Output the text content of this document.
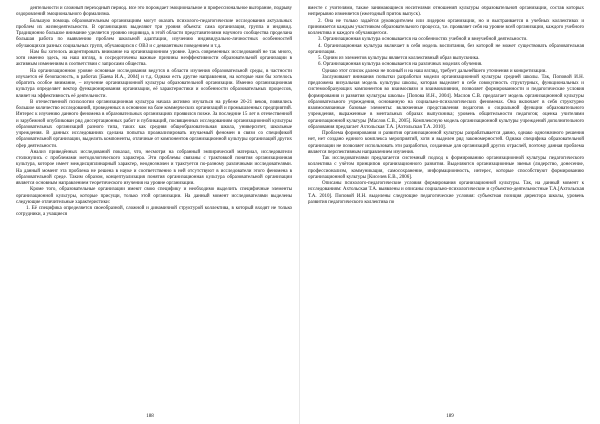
деятельности и сложный переходный период. Всё это порождает эмоциональное и профессиональное выгорание, подрыву оздоровлений эмоционального формализма.

Большую помощь образовательным организациям могут оказать психолого-педагогические исследования актуальных проблем их жизнедеятельности. В организациях выделяют три уровня объекта: сама организация, группа и индивид. Традиционно большое внимание уделяется уровню индивида, в этой области представителями научного сообщества проделана большая работа по выявлению проблем школьной адаптации, изучению индивидуально-личностных особенностей обучающихся разных социальных групп, обучающихся с ОВЗ и с девиантным поведением и т.д.

Нам бы хотелось акцентировать внимание на организационном уровне. Здесь современных исследований не так много, хотя именно здесь, на наш взгляд, в сосредоточены важные причины неэффективности образовательной организации в активным изменениям в соответствии с запросами общества.

На организационном уровне основные исследования ведутся в области изучения образовательной среды, в частности изучается её безопасность, в работах [Баева И.А., 2004] и т.д. Однако есть другие направления, на которые нам бы хотелось обратить особое внимание, – изучение организационной культуры образовательной организации. Именно организационная культура определяет вектор функционирования организации, её характеристики и особенности образовательных процессов, влияет на эффективность её деятельности.

В отечественной психологии организационная культура начала активно изучаться на рубеже 20-21 веков, появились большое количество исследований, проведенных в основном на базе коммерческих организаций и промышленных предприятий. Интерес к изучению данного феномена в образовательных организациях проявился позже. За последние 15 лет в отечественной и зарубежной опубликован ряд диссертационных работ и публикаций, посвященных исследованиям организационной культуры образовательных организаций разного типа, таких как средняя общеобразовательная школа, университет, школьные учреждения. В данных исследованиях сделана попытка проанализировать изучаемый феномен в связи со спецификой образовательной организации, выделить компоненты, отличные от компонентов организационной культуры организаций других сфер деятельности.

Анализ приведённых исследований показал, что, несмотря на собранный эмпирический материал, исследователи столкнулись с проблемами методологического характера. Эти проблемы связаны с трактовкой понятия организационная культура, которое имеет междисциплинарный характер, неоднозначен и трактуется по-разному различными исследователями. На данный момент эта проблема не решена в науке и соответственно в ней отсутствуют в исследователи этого феномена в образовательной среде. Таким образом, концептуализация понятия организационная культура образовательной организации является основным направлением теоретического изучения на уровне организации.

Кроме того, образовательные организации имеют свою специфику и необходимо выделить специфичные элементы организационной культуры, которые присущи, только этой организации. На данный момент исследователями выделены следующие отличительные характеристики:

1. Её специфика определяется своеобразной, сложной и динамичной структурой коллектива, в который входят не только сотрудники, а учащиеся

188

вместе с учителями, также занимающиеся носителями отношений культуры образовательной организации, состав которых непрерывно изменяется (ежегодный приток выпуск).

2. Она не только задаётся руководителем или лидером организации, но и выстраивается в учебных коллективах и принимается каждым участником образовательного процесса, т.е. проявляет себя на уровне всей организации, каждого учебного коллектива и каждого обучающегося.

3. Организационная культура основывается на особенностях учебной и внеучебной деятельности.

4. Организационная культура включает в себя модель воспитания, без которой не может существовать образовательная организация.

5. Одним из элементов культуры является коллективный образ выпускника.

6. Организационная культура основывается на различных моделях обучения.

Однако этот список далеко не полный и на наш взгляд, требует дальнейшего уточнения и конкретизации.

Заслуживают внимания попытки разработки модели организационной культуры средней школы. Так, Поповой И.Н. предложена визуальная модель культуры школы, которая выделяет в себе совокупность структурных, функциональных и системообразующих компонентов во взаимосвязи и взаимовлиянии, позволяет формированности и педагогические условия формирования и развития культуры школы» [Попова И.Н., 2004]. Маслов С.В. предлагает модель организационной культуры образовательного учреждения, основанную на социально-психологических феноменах. Она включает в себя структурно взаимосвязанные базовые элементы: включенные представления педагогов о социальной функции образовательного учреждения, выраженные в ментальных образах выпускника; уровень общительности педагогов; оценка учителями организационной культуры [Маслов С.В., 2005]. Комплексную модель организационной культуры учреждений дополнительного образования предлагает Ахтольская Т.А. [Ахтольская Т.А. 2010].

Проблема формирования и развития организационной культуры разрабатывается давно, однако однозначного решения нет, нет создано единого комплекса мероприятий, хотя и выделен ряд закономерностей. Однако специфика образовательной организации не позволяет использовать эти разработки, созданные для организаций других отраслей, поэтому данная проблема является перспективным направлением изучения.

Так исследователями предлагается системный подход к формированию организационной культуры педагогического коллектива с учётом принципов организационного развития. Выделяются организационные звенья (лидерство, донесение, профессионализм, коммуникация, самосохранение, информационность, интерес, которые способствуют формированию организационной культуры [Киселев Е.В., 2006].

Описаны психолого-педагогические условия формирования организационной культуры. Так, на данный момент к исследованиям: Ахтольская Т.А. выявлены и описаны социально-психологические и субъектно-деятельностные Т.А.[Ахтольская Т.А. 2010]. Поповой И.Н. выделены следующие педагогические условия: субъектная позиция директора школы, уровень развития педагогического коллектива по

189
